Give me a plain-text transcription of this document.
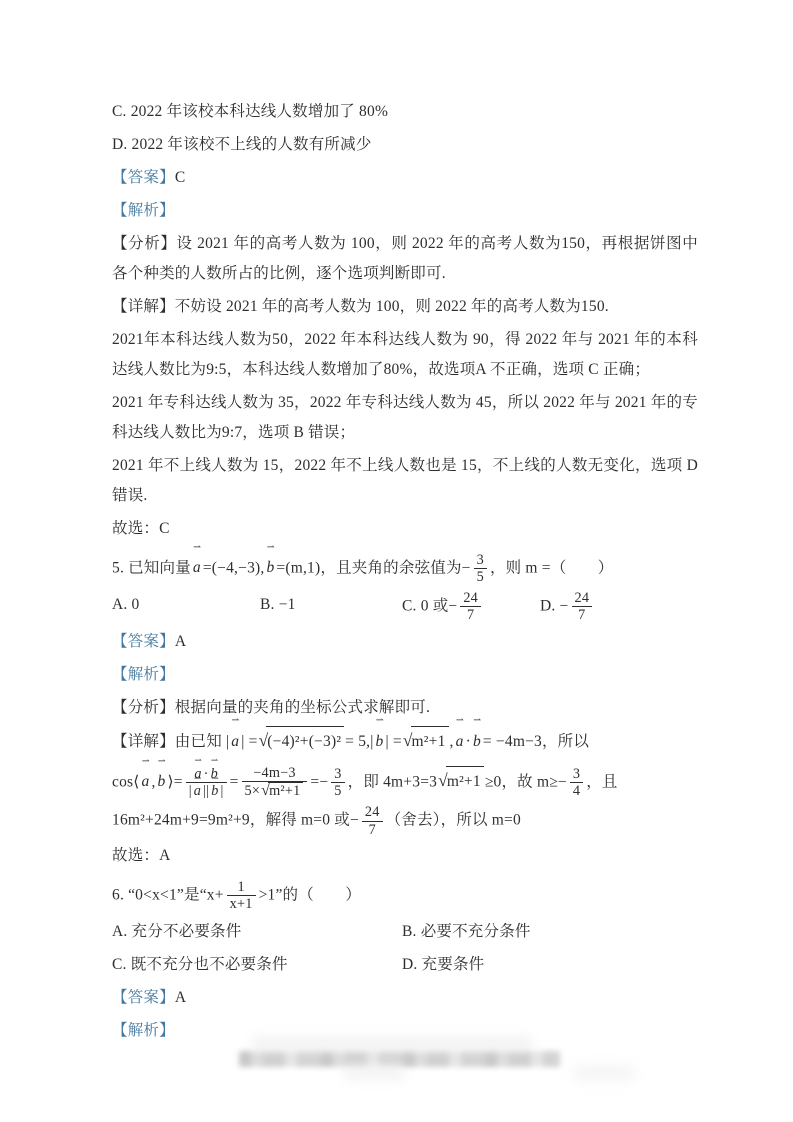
C. 2022 年该校本科达线人数增加了 80%
D. 2022 年该校不上线的人数有所减少
【答案】C
【解析】
【分析】设 2021 年的高考人数为 100，则 2022 年的高考人数为150，再根据饼图中各个种类的人数所占的比例，逐个选项判断即可.
【详解】不妨设 2021 年的高考人数为 100，则 2022 年的高考人数为150.
2021年本科达线人数为50，2022 年本科达线人数为 90，得 2022 年与 2021 年的本科达线人数比为9:5，本科达线人数增加了80%，故选项A 不正确，选项 C 正确；
2021 年专科达线人数为 35，2022 年专科达线人数为 45，所以 2022 年与 2021 年的专科达线人数比为9:7，选项 B 错误；
2021 年不上线人数为 15，2022 年不上线人数也是 15，不上线的人数无变化，选项 D 错误.
故选：C
5. 已知向量 ⇀ a =(−4,−3), ⇀ b =(m,1)，且夹角的余弦值为− $\frac{3}{5}$ ，则 m =（　　）
A. 0	B. −1	C. 0 或− $\frac{24}{7}$	D. − $\frac{24}{7}$
【答案】A
【解析】
【分析】根据向量的夹角的坐标公式求解即可.
【详解】由已知 | ⇀ a | = √ (−4)²+(−3)² = 5,| ⇀ b | = √ m²+1 , ⇀ a · ⇀ b = −4m−3，所以
cos⟨ ⇀ a , ⇀ b ⟩= ⇀ $\frac{a \cdot ⇀ b}{| ⇀ a || ⇀ b |} = \frac{-4m-3}{\text{5× √ m²+1}} =- \frac{3}{5}$ ，即 4m+3=3 √ m²+1 ≥0，故 $m\ge- \frac{3}{4}$ ，且
16m²+24m+9=9m²+9，解得 m=0 或− $\frac{24}{7}$ （舍去），所以 m=0
故选：A
6. “0<x<1”是“$x+ \frac{1}{x+1} >1$”的（　　）
A. 充分不必要条件	B. 必要不充分条件
C. 既不充分也不必要条件	D. 充要条件
【答案】A
【解析】
